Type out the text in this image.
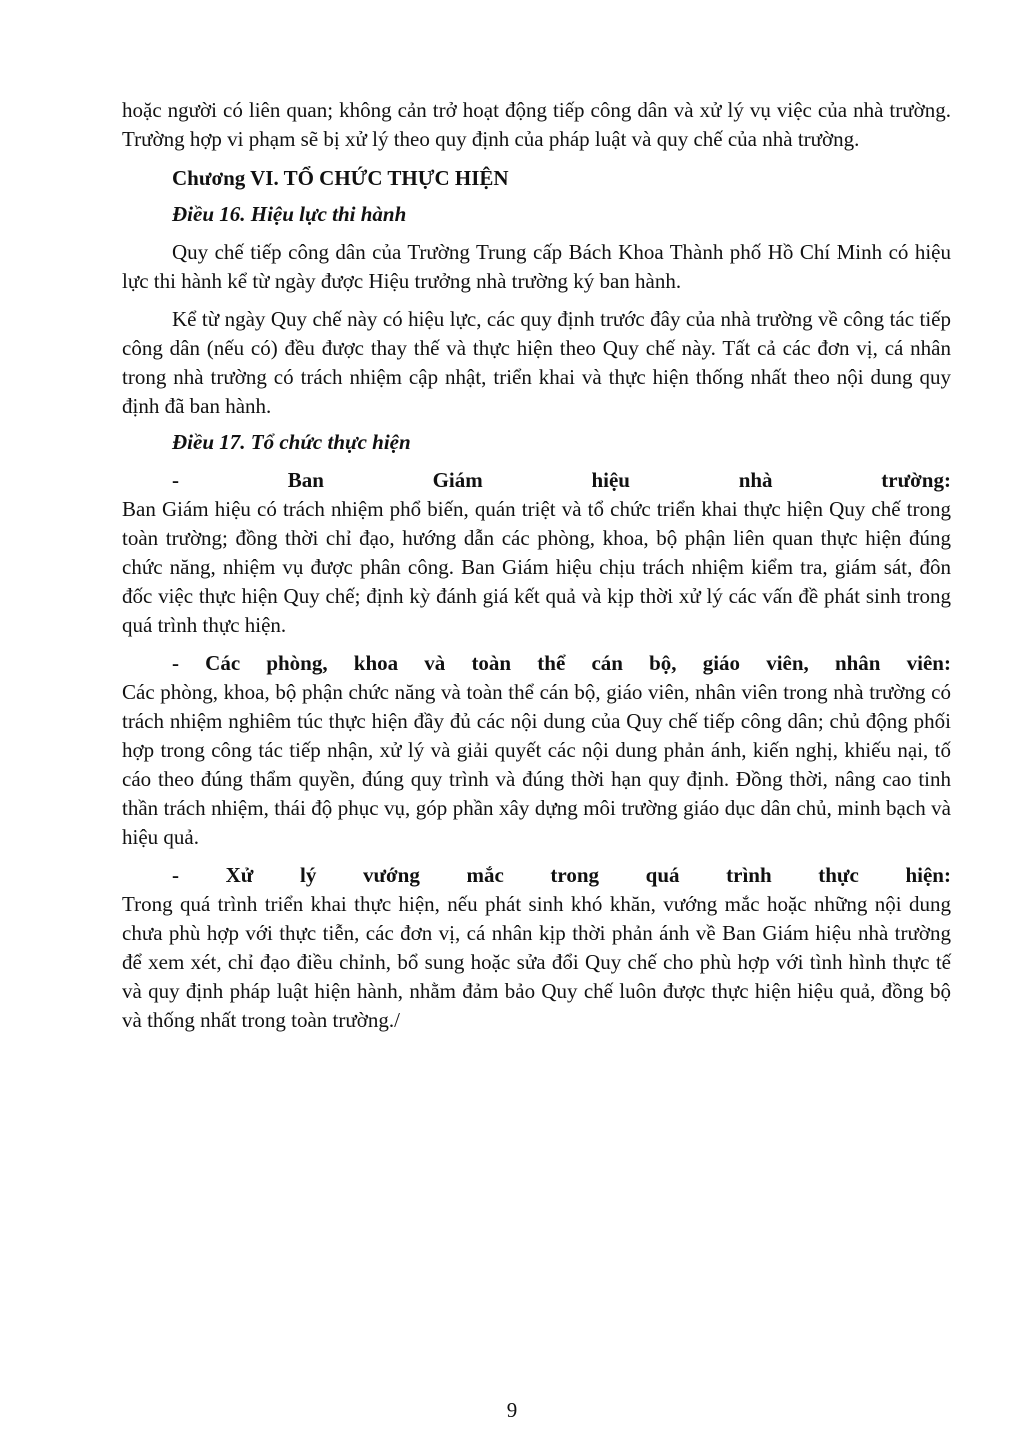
hoặc người có liên quan; không cản trở hoạt động tiếp công dân và xử lý vụ việc của nhà trường. Trường hợp vi phạm sẽ bị xử lý theo quy định của pháp luật và quy chế của nhà trường.

Chương VI. TỔ CHỨC THỰC HIỆN

Điều 16. Hiệu lực thi hành

Quy chế tiếp công dân của Trường Trung cấp Bách Khoa Thành phố Hồ Chí Minh có hiệu lực thi hành kể từ ngày được Hiệu trưởng nhà trường ký ban hành.

Kể từ ngày Quy chế này có hiệu lực, các quy định trước đây của nhà trường về công tác tiếp công dân (nếu có) đều được thay thế và thực hiện theo Quy chế này. Tất cả các đơn vị, cá nhân trong nhà trường có trách nhiệm cập nhật, triển khai và thực hiện thống nhất theo nội dung quy định đã ban hành.

Điều 17. Tổ chức thực hiện

-	Ban	Giám	hiệu	nhà	trường:

Ban Giám hiệu có trách nhiệm phổ biến, quán triệt và tổ chức triển khai thực hiện Quy chế trong toàn trường; đồng thời chỉ đạo, hướng dẫn các phòng, khoa, bộ phận liên quan thực hiện đúng chức năng, nhiệm vụ được phân công. Ban Giám hiệu chịu trách nhiệm kiểm tra, giám sát, đôn đốc việc thực hiện Quy chế; định kỳ đánh giá kết quả và kịp thời xử lý các vấn đề phát sinh trong quá trình thực hiện.

- Các phòng, khoa và toàn thể cán bộ, giáo viên, nhân viên:

Các phòng, khoa, bộ phận chức năng và toàn thể cán bộ, giáo viên, nhân viên trong nhà trường có trách nhiệm nghiêm túc thực hiện đầy đủ các nội dung của Quy chế tiếp công dân; chủ động phối hợp trong công tác tiếp nhận, xử lý và giải quyết các nội dung phản ánh, kiến nghị, khiếu nại, tố cáo theo đúng thẩm quyền, đúng quy trình và đúng thời hạn quy định. Đồng thời, nâng cao tinh thần trách nhiệm, thái độ phục vụ, góp phần xây dựng môi trường giáo dục dân chủ, minh bạch và hiệu quả.

- Xử lý vướng mắc trong quá trình thực hiện:

Trong quá trình triển khai thực hiện, nếu phát sinh khó khăn, vướng mắc hoặc những nội dung chưa phù hợp với thực tiễn, các đơn vị, cá nhân kịp thời phản ánh về Ban Giám hiệu nhà trường để xem xét, chỉ đạo điều chỉnh, bổ sung hoặc sửa đổi Quy chế cho phù hợp với tình hình thực tế và quy định pháp luật hiện hành, nhằm đảm bảo Quy chế luôn được thực hiện hiệu quả, đồng bộ và thống nhất trong toàn trường./

9
